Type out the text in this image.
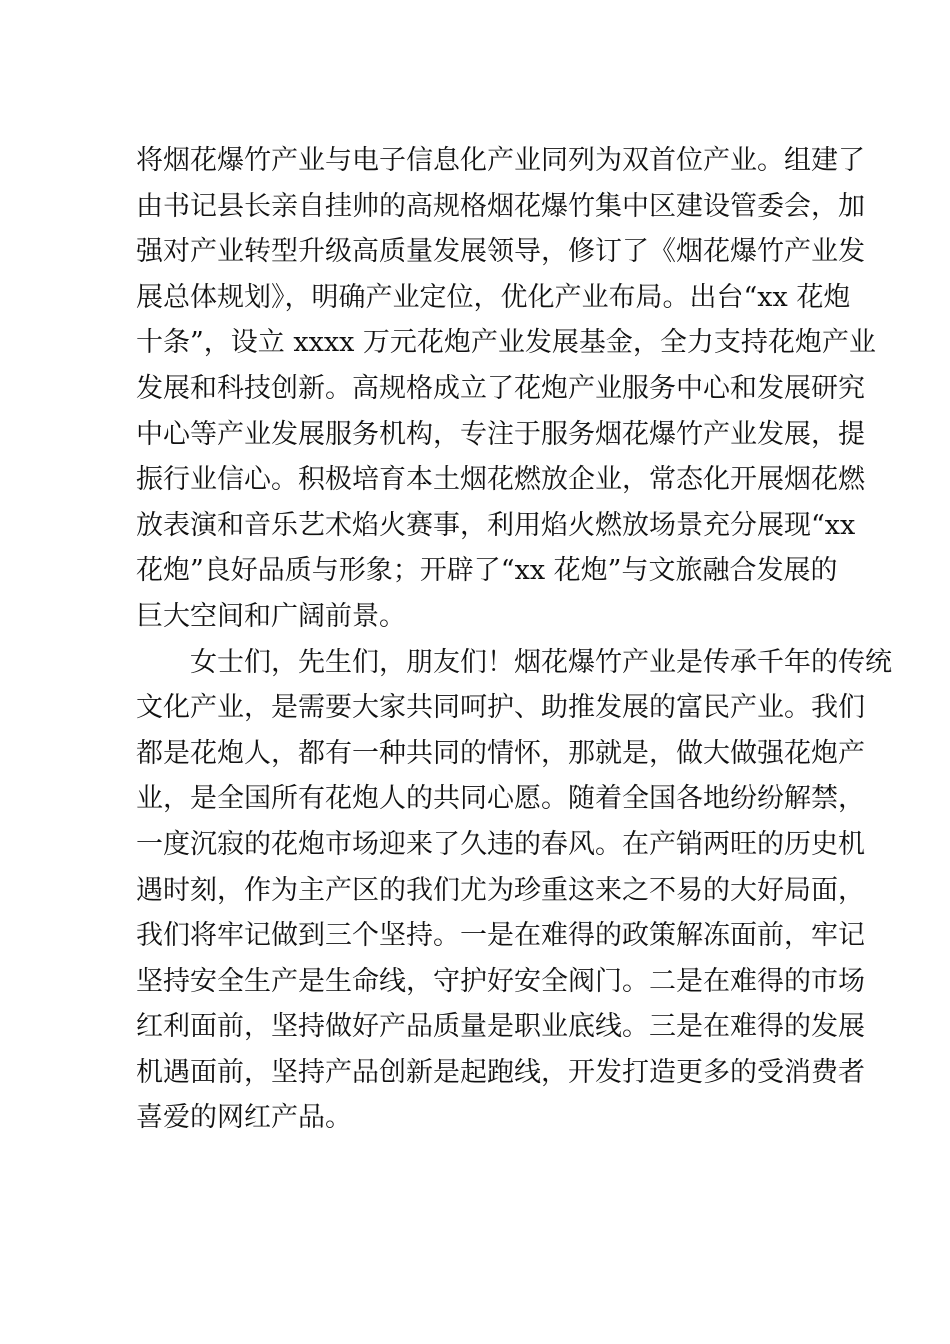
将烟花爆竹产业与电子信息化产业同列为双首位产业。组建了
由书记县长亲自挂帅的高规格烟花爆竹集中区建设管委会，加
强对产业转型升级高质量发展领导，修订了《烟花爆竹产业发
展总体规划》，明确产业定位，优化产业布局。出台“xx 花炮
十条”，设立 xxxx 万元花炮产业发展基金，全力支持花炮产业
发展和科技创新。高规格成立了花炮产业服务中心和发展研究
中心等产业发展服务机构，专注于服务烟花爆竹产业发展，提
振行业信心。积极培育本土烟花燃放企业，常态化开展烟花燃
放表演和音乐艺术焰火赛事，利用焰火燃放场景充分展现“xx
花炮”良好品质与形象；开辟了“xx 花炮”与文旅融合发展的
巨大空间和广阔前景。
女士们，先生们，朋友们！烟花爆竹产业是传承千年的传统
文化产业，是需要大家共同呵护、助推发展的富民产业。我们
都是花炮人，都有一种共同的情怀，那就是，做大做强花炮产
业，是全国所有花炮人的共同心愿。随着全国各地纷纷解禁，
一度沉寂的花炮市场迎来了久违的春风。在产销两旺的历史机
遇时刻，作为主产区的我们尤为珍重这来之不易的大好局面，
我们将牢记做到三个坚持。一是在难得的政策解冻面前，牢记
坚持安全生产是生命线，守护好安全阀门。二是在难得的市场
红利面前，坚持做好产品质量是职业底线。三是在难得的发展
机遇面前，坚持产品创新是起跑线，开发打造更多的受消费者
喜爱的网红产品。
